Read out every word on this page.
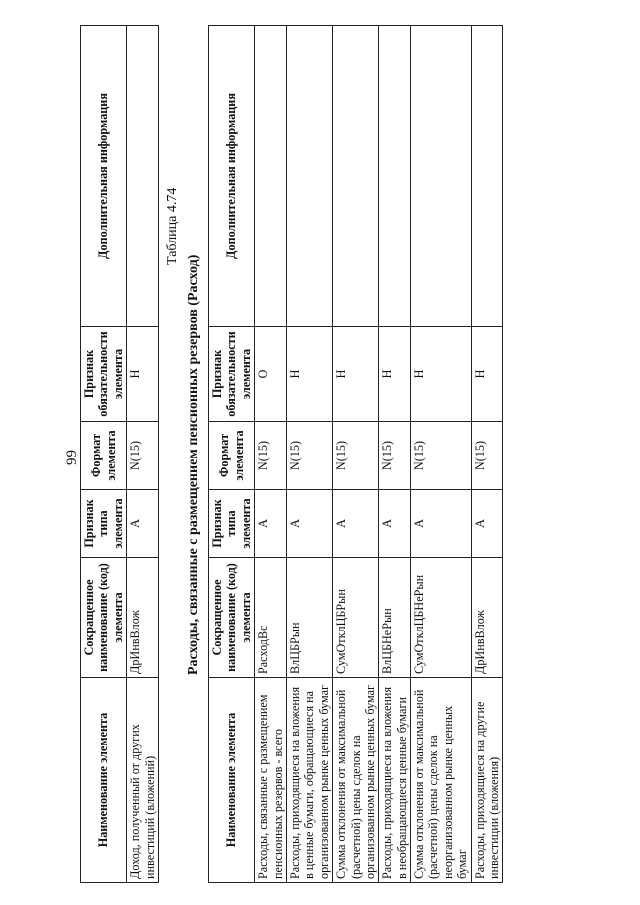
99
Наименование элемента	Сокращенное наименование (код) элемента	Признак типа элемента	Формат элемента	Признак обязательности элемента	Дополнительная информация
Доход, полученный от других инвестиций (вложений)	ДрИнвВлож	А	N(15)	Н	
Таблица 4.74
Расходы, связанные с размещением пенсионных резервов (Расход)
Наименование элемента	Сокращенное наименование (код) элемента	Признак типа элемента	Формат элемента	Признак обязательности элемента	Дополнительная информация
Расходы, связанные с размещением пенсионных резервов - всего	РасходВс	А	N(15)	О	
Расходы, приходящиеся на вложения в ценные бумаги, обращающиеся на организованном рынке ценных бумаг	ВлЦБРын	А	N(15)	Н	
Сумма отклонения от максимальной (расчетной) цены сделок на организованном рынке ценных бумаг	СумОтклЦБРын	А	N(15)	Н	
Расходы, приходящиеся на вложения в необращающиеся ценные бумаги	ВлЦБНеРын	А	N(15)	Н	
Сумма отклонения от максимальной (расчетной) цены сделок на неорганизованном рынке ценных бумаг	СумОтклЦБНеРын	А	N(15)	Н	
Расходы, приходящиеся на другие инвестиции (вложения)	ДрИнвВлож	А	N(15)	Н	
